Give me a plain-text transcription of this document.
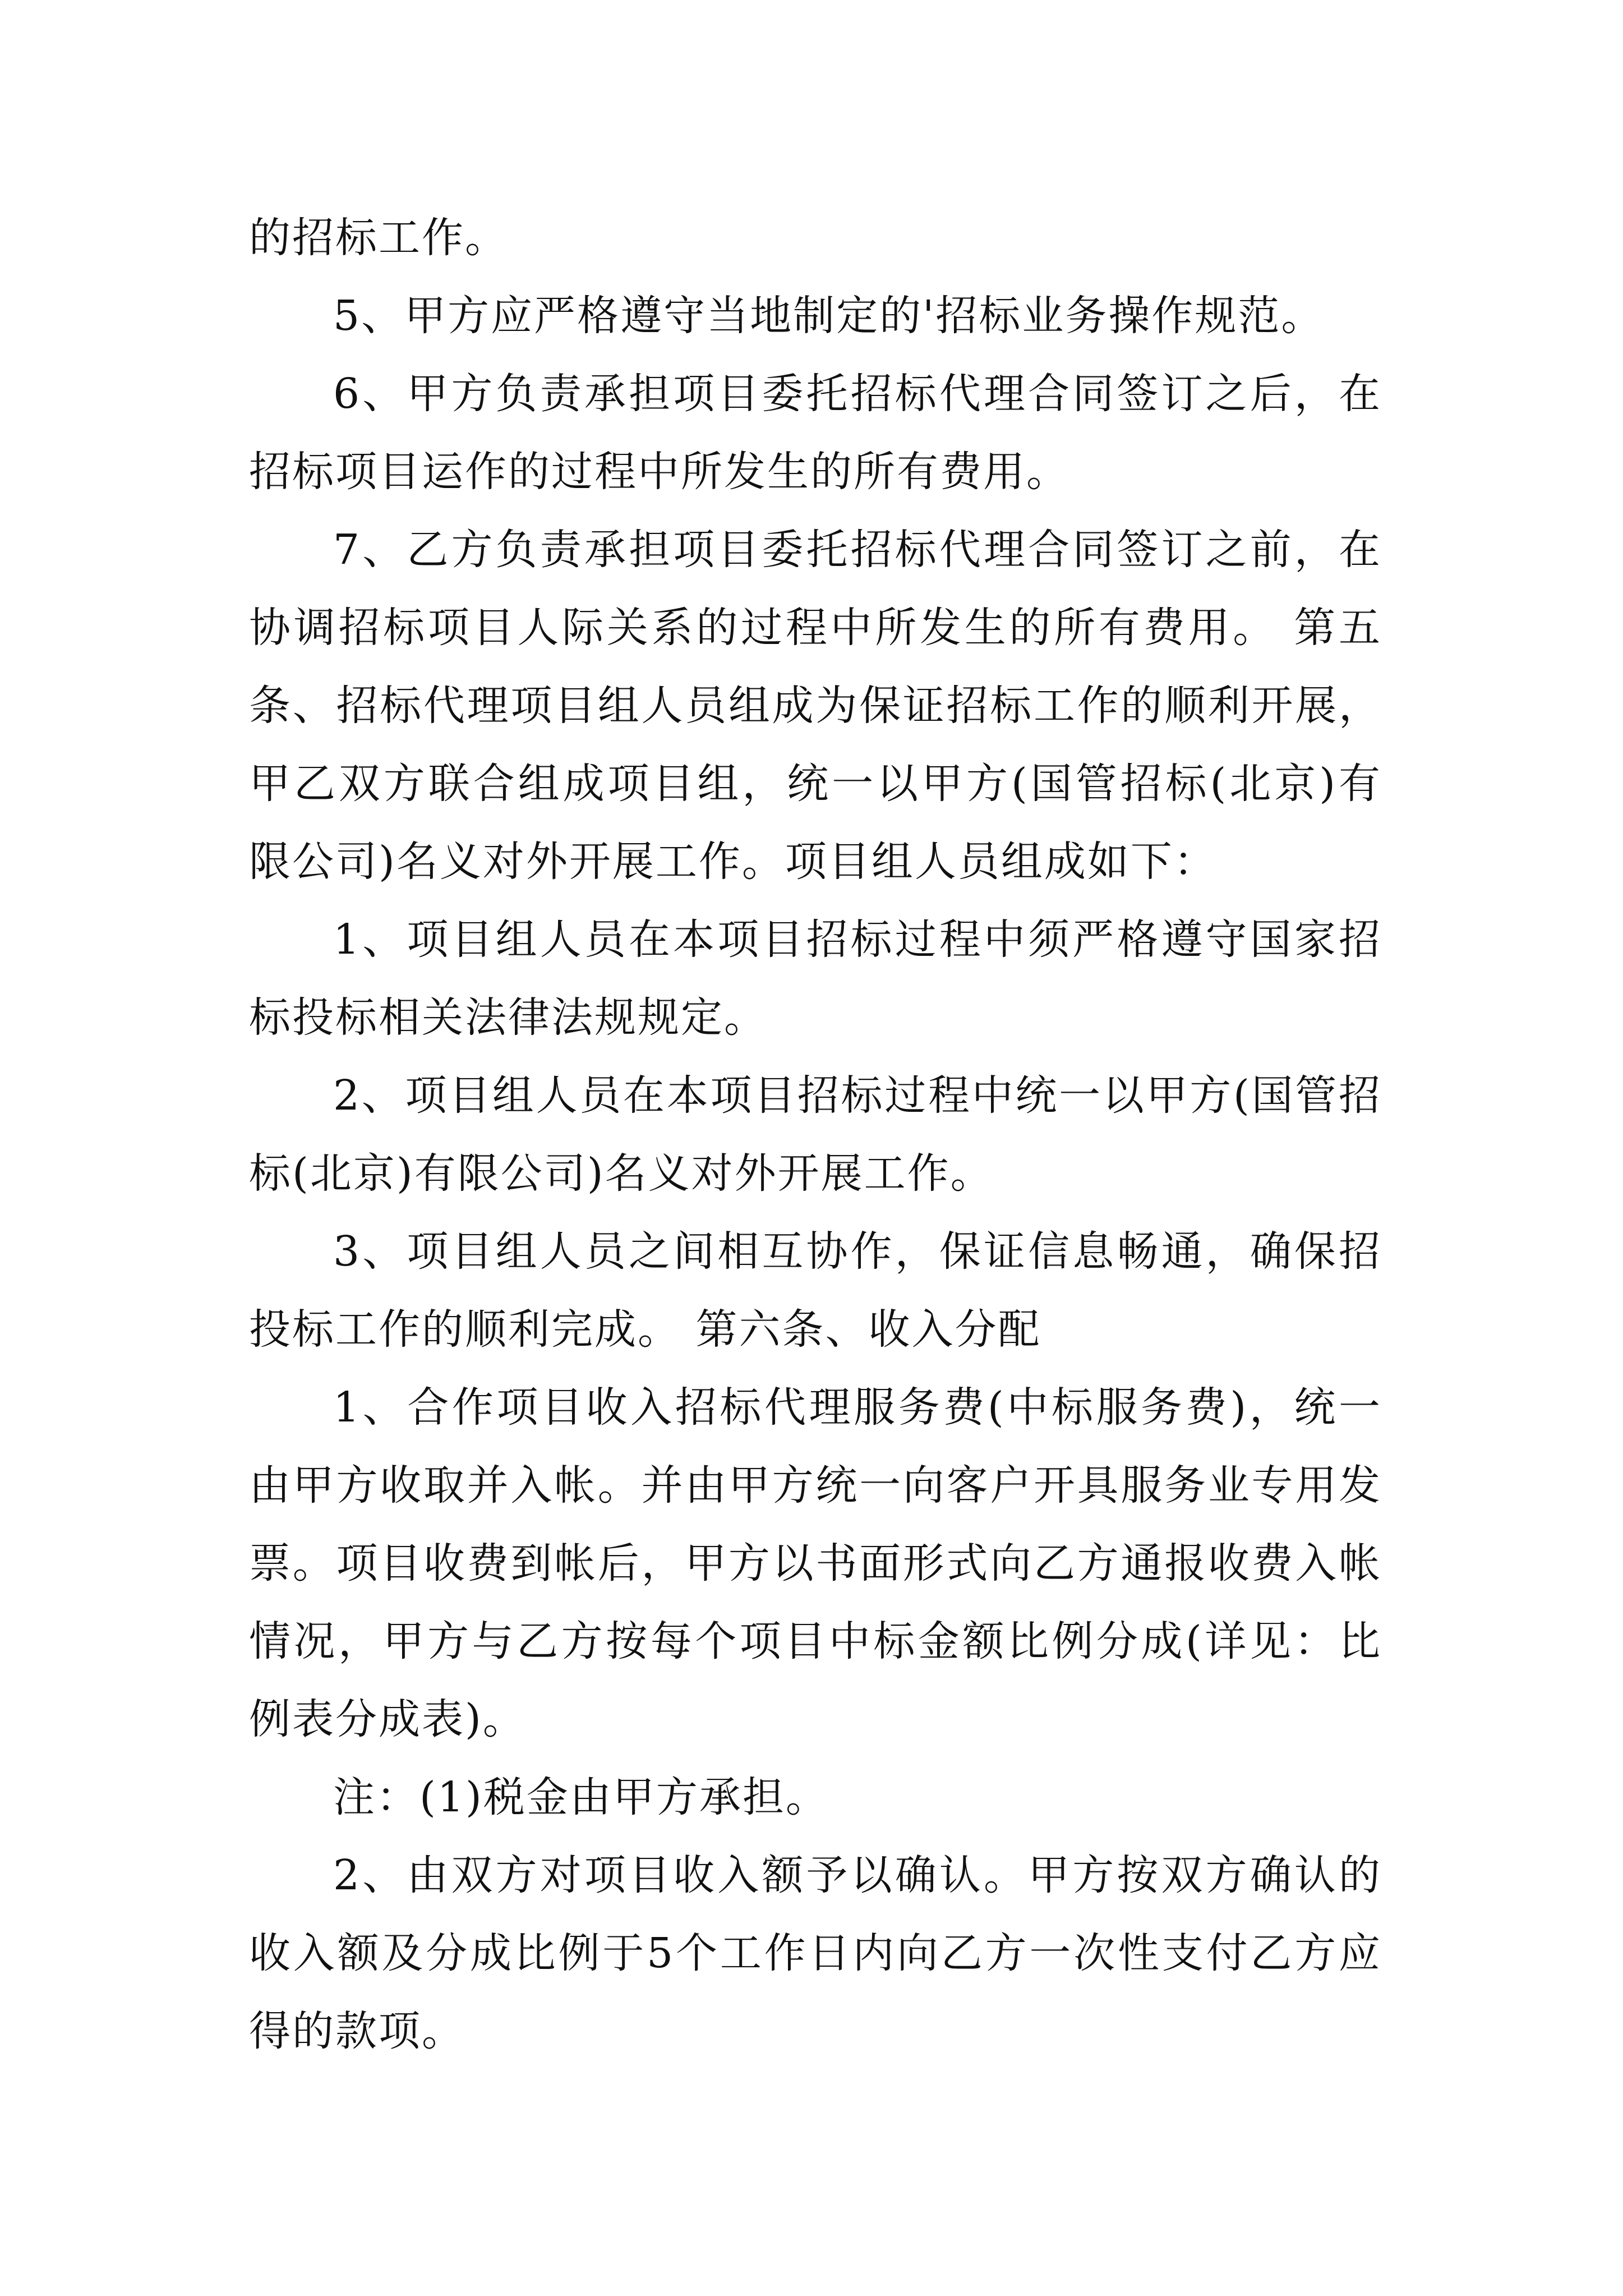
的招标工作。

5、甲方应严格遵守当地制定的'招标业务操作规范。

6、甲方负责承担项目委托招标代理合同签订之后，在招标项目运作的过程中所发生的所有费用。

7、乙方负责承担项目委托招标代理合同签订之前，在协调招标项目人际关系的过程中所发生的所有费用。 第五条、招标代理项目组人员组成为保证招标工作的顺利开展，甲乙双方联合组成项目组，统一以甲方(国管招标(北京)有限公司)名义对外开展工作。项目组人员组成如下：

1、项目组人员在本项目招标过程中须严格遵守国家招标投标相关法律法规规定。

2、项目组人员在本项目招标过程中统一以甲方(国管招标(北京)有限公司)名义对外开展工作。

3、项目组人员之间相互协作，保证信息畅通，确保招投标工作的顺利完成。 第六条、收入分配

1、合作项目收入招标代理服务费(中标服务费)，统一由甲方收取并入帐。并由甲方统一向客户开具服务业专用发票。项目收费到帐后，甲方以书面形式向乙方通报收费入帐情况，甲方与乙方按每个项目中标金额比例分成(详见：比例表分成表)。

注：(1)税金由甲方承担。

2、由双方对项目收入额予以确认。甲方按双方确认的收入额及分成比例于5个工作日内向乙方一次性支付乙方应得的款项。
